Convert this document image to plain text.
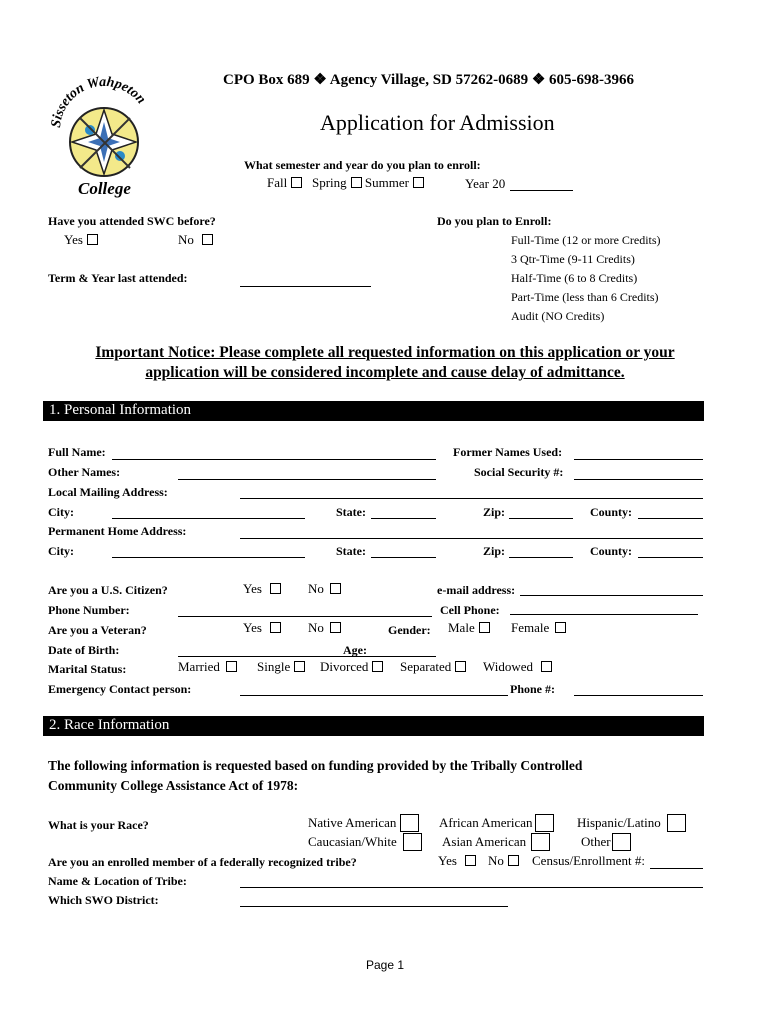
Sisseton Wahpeton
College
CPO Box 689 ❖ Agency Village, SD 57262-0689 ❖ 605-698-3966
Application for Admission
What semester and year do you plan to enroll:
Fall Spring Summer	Year 20
Have you attended SWC before?
Yes	No
Term & Year last attended:
Do you plan to Enroll:
Full-Time (12 or more Credits)
3 Qtr-Time (9-11 Credits)
Half-Time (6 to 8 Credits)
Part-Time (less than 6 Credits)
Audit (NO Credits)
Important Notice: Please complete all requested information on this application or your
application will be considered incomplete and cause delay of admittance.
1. Personal Information
Full Name:	Former Names Used:
Other Names:	Social Security #:
Local Mailing Address:
City:	State:	Zip:	County:
Permanent Home Address:
City:	State:	Zip:	County:
Are you a U.S. Citizen?	Yes	No	e-mail address:
Phone Number:	Cell Phone:
Are you a Veteran?	Yes	No	Gender: Male	Female
Date of Birth:	Age:
Marital Status:	Married	Single	Divorced	Separated	Widowed
Emergency Contact person:	Phone #:
2. Race Information
The following information is requested based on funding provided by the Tribally Controlled
Community College Assistance Act of 1978:
What is your Race?	Native American	African American	Hispanic/Latino
Caucasian/White	Asian American	Other
Are you an enrolled member of a federally recognized tribe?	Yes	No	Census/Enrollment #:
Name & Location of Tribe:
Which SWO District:
Page 1
